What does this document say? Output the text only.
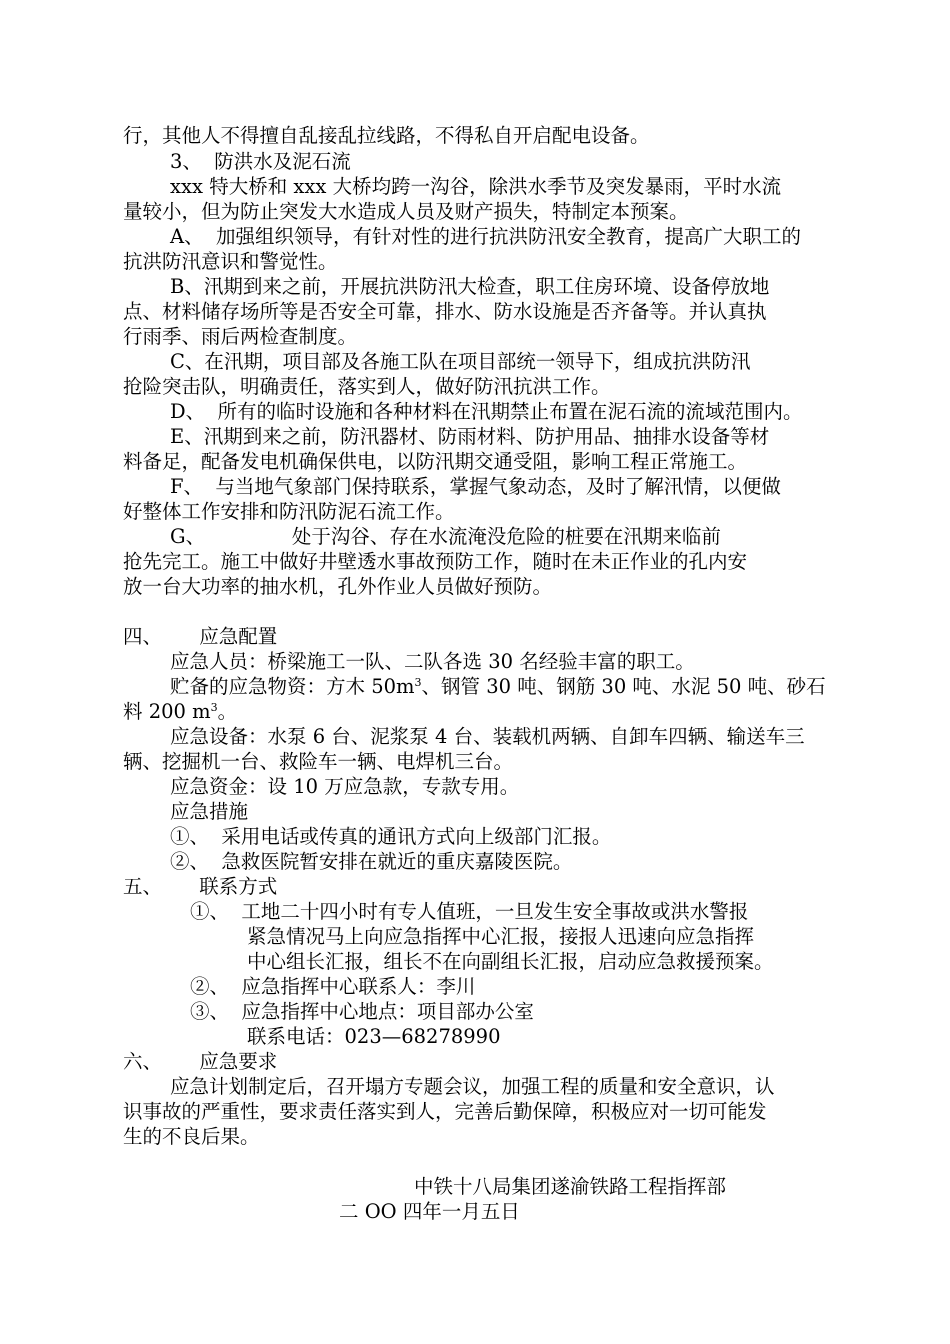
行，其他人不得擅自乱接乱拉线路，不得私自开启配电设备。
3、  防洪水及泥石流
xxx 特大桥和 xxx 大桥均跨一沟谷，除洪水季节及突发暴雨，平时水流
量较小，但为防止突发大水造成人员及财产损失，特制定本预案。
A、  加强组织领导，有针对性的进行抗洪防汛安全教育，提高广大职工的
抗洪防汛意识和警觉性。
B、汛期到来之前，开展抗洪防汛大检查，职工住房环境、设备停放地
点、材料储存场所等是否安全可靠，排水、防水设施是否齐备等。并认真执
行雨季、雨后两检查制度。
C、在汛期，项目部及各施工队在项目部统一领导下，组成抗洪防汛
抢险突击队，明确责任，落实到人，做好防汛抗洪工作。
D、  所有的临时设施和各种材料在汛期禁止布置在泥石流的流域范围内。
E、汛期到来之前，防汛器材、防雨材料、防护用品、抽排水设备等材
料备足，配备发电机确保供电，以防汛期交通受阻，影响工程正常施工。
F、  与当地气象部门保持联系，掌握气象动态，及时了解汛情，以便做
好整体工作安排和防汛防泥石流工作。
G、              处于沟谷、存在水流淹没危险的桩要在汛期来临前
抢先完工。施工中做好井壁透水事故预防工作，随时在未正作业的孔内安
放一台大功率的抽水机，孔外作业人员做好预防。
四、      应急配置
应急人员：桥梁施工一队、二队各选 30 名经验丰富的职工。
贮备的应急物资：方木 $50m^3$、钢管 30 吨、钢筋 30 吨、水泥 50 吨、砂石
料 200 $m^3$。
应急设备：水泵 6 台、泥浆泵 4 台、装载机两辆、自卸车四辆、输送车三
辆、挖掘机一台、救险车一辆、电焊机三台。
应急资金：设 10 万应急款，专款专用。
应急措施
①、  采用电话或传真的通讯方式向上级部门汇报。
②、  急救医院暂安排在就近的重庆嘉陵医院。
五、      联系方式
①、  工地二十四小时有专人值班，一旦发生安全事故或洪水警报
紧急情况马上向应急指挥中心汇报，接报人迅速向应急指挥
中心组长汇报，组长不在向副组长汇报，启动应急救援预案。
②、  应急指挥中心联系人：李川
③、  应急指挥中心地点：项目部办公室
联系电话：023—68278990
六、      应急要求
应急计划制定后，召开塌方专题会议，加强工程的质量和安全意识，认
识事故的严重性，要求责任落实到人，完善后勤保障，积极应对一切可能发
生的不良后果。
中铁十八局集团遂渝铁路工程指挥部
二 OO 四年一月五日
